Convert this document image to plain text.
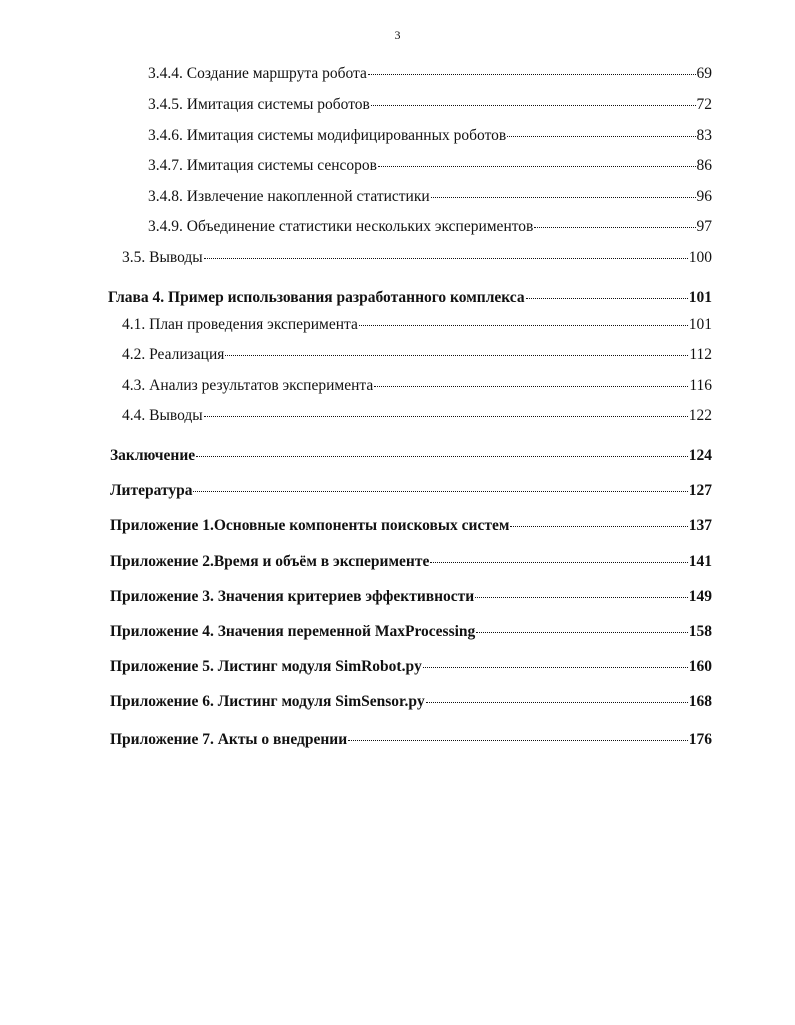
3
3.4.4. Создание маршрута робота	69
3.4.5. Имитация системы роботов	72
3.4.6. Имитация системы модифицированных роботов	83
3.4.7. Имитация системы сенсоров	86
3.4.8. Извлечение накопленной статистики	96
3.4.9. Объединение статистики нескольких экспериментов	97
3.5. Выводы	100
Глава 4. Пример использования разработанного комплекса	101
4.1. План проведения эксперимента	101
4.2. Реализация	112
4.3. Анализ результатов эксперимента	116
4.4. Выводы	122
Заключение	124
Литература	127
Приложение 1.Основные компоненты поисковых систем	137
Приложение 2.Время и объём в эксперименте	141
Приложение 3. Значения критериев эффективности	149
Приложение 4. Значения переменной MaxProcessing	158
Приложение 5. Листинг модуля SimRobot.py	160
Приложение 6. Листинг модуля SimSensor.py	168
Приложение 7. Акты о внедрении	176
